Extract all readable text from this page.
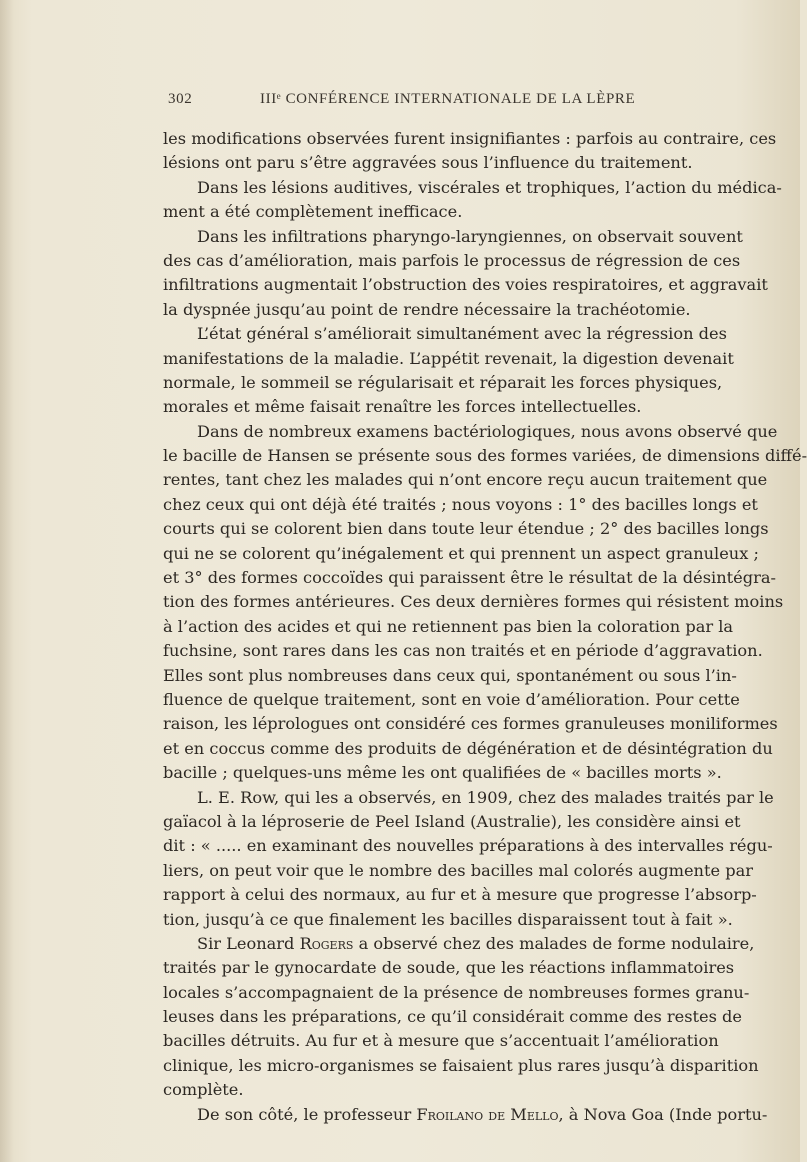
302	IIIᵉ CONFÉRENCE INTERNATIONALE DE LA LÈPRE
les modifications observées furent insignifiantes : parfois au contraire, ces
lésions ont paru s’être aggravées sous l’influence du traitement.
Dans les lésions auditives, viscérales et trophiques, l’action du médica-
ment a été complètement inefficace.
Dans les infiltrations pharyngo-laryngiennes, on observait souvent
des cas d’amélioration, mais parfois le processus de régression de ces
infiltrations augmentait l’obstruction des voies respiratoires, et aggravait
la dyspnée jusqu’au point de rendre nécessaire la trachéotomie.
L’état général s’améliorait simultanément avec la régression des
manifestations de la maladie. L’appétit revenait, la digestion devenait
normale, le sommeil se régularisait et réparait les forces physiques,
morales et même faisait renaître les forces intellectuelles.
Dans de nombreux examens bactériologiques, nous avons observé que
le bacille de Hansen se présente sous des formes variées, de dimensions diffé-
rentes, tant chez les malades qui n’ont encore reçu aucun traitement que
chez ceux qui ont déjà été traités ; nous voyons : 1° des bacilles longs et
courts qui se colorent bien dans toute leur étendue ; 2° des bacilles longs
qui ne se colorent qu’inégalement et qui prennent un aspect granuleux ;
et 3° des formes coccoïdes qui paraissent être le résultat de la désintégra-
tion des formes antérieures. Ces deux dernières formes qui résistent moins
à l’action des acides et qui ne retiennent pas bien la coloration par la
fuchsine, sont rares dans les cas non traités et en période d’aggravation.
Elles sont plus nombreuses dans ceux qui, spontanément ou sous l’in-
fluence de quelque traitement, sont en voie d’amélioration. Pour cette
raison, les léprologues ont considéré ces formes granuleuses moniliformes
et en coccus comme des produits de dégénération et de désintégration du
bacille ; quelques-uns même les ont qualifiées de « bacilles morts ».
L. E. Row, qui les a observés, en 1909, chez des malades traités par le
gaïacol à la léproserie de Peel Island (Australie), les considère ainsi et
dit : « ..... en examinant des nouvelles préparations à des intervalles régu-
liers, on peut voir que le nombre des bacilles mal colorés augmente par
rapport à celui des normaux, au fur et à mesure que progresse l’absorp-
tion, jusqu’à ce que finalement les bacilles disparaissent tout à fait ».
Sir Leonard Rogers a observé chez des malades de forme nodulaire,
traités par le gynocardate de soude, que les réactions inflammatoires
locales s’accompagnaient de la présence de nombreuses formes granu-
leuses dans les préparations, ce qu’il considérait comme des restes de
bacilles détruits. Au fur et à mesure que s’accentuait l’amélioration
clinique, les micro-organismes se faisaient plus rares jusqu’à disparition
complète.
De son côté, le professeur Froilano de Mello, à Nova Goa (Inde portu-
